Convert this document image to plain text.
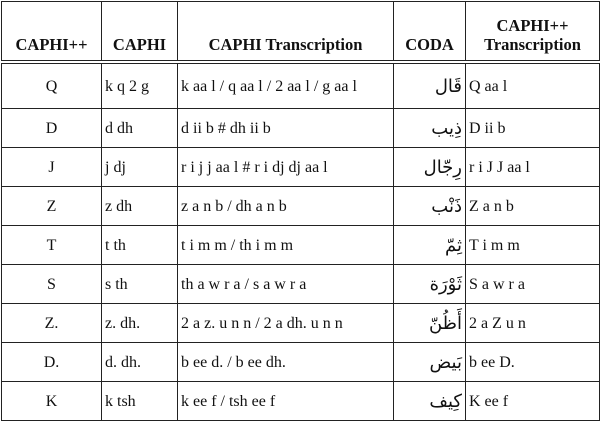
CAPHI++	CAPHI	CAPHI Transcription	CODA	CAPHI++ Transcription
Q	k q 2 g	k aa l / q aa l / 2 aa l / g aa l	قَال	Q aa l
D	d dh	d ii b # dh ii b	ذِيب	D ii b
J	j dj	r i j j aa l # r i dj dj aa l	رِجّال	r i J J aa l
Z	z dh	z a n b / dh a n b	ذَنْب	Z a n b
T	t th	t i m m / th i m m	ثِمّ	T i m m
S	s th	th a w r a / s a w r a	ثَوْرَة	S a w r a
Z.	z. dh.	2 a z. u n n / 2 a dh. u n n	أَظُنّ	2 a Z u n
D.	d. dh.	b ee d. / b ee dh.	بَيض	b ee D.
K	k tsh	k ee f / tsh ee f	كِيف	K ee f
